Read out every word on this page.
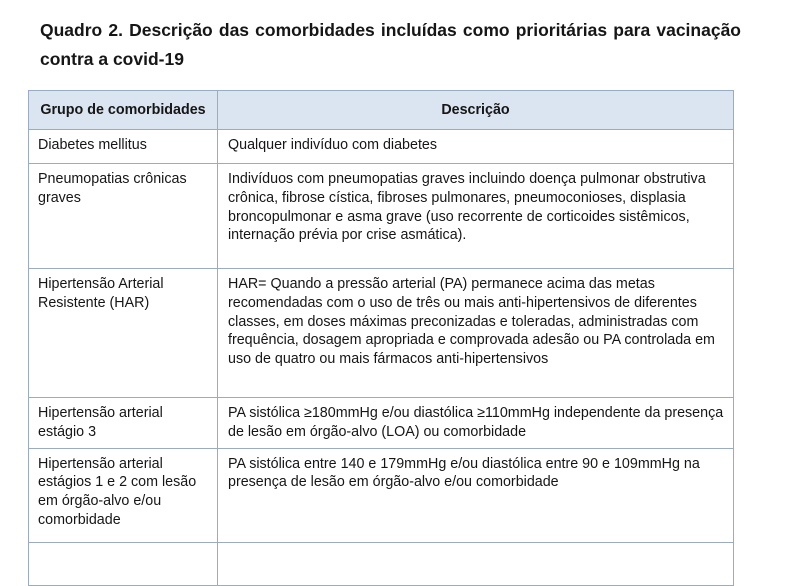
Quadro 2. Descrição das comorbidades incluídas como prioritárias para vacinação contra a covid-19

Grupo de comorbidades	Descrição
Diabetes mellitus	Qualquer indivíduo com diabetes
Pneumopatias crônicas graves	Indivíduos com pneumopatias graves incluindo doença pulmonar obstrutiva crônica, fibrose cística, fibroses pulmonares, pneumoconioses, displasia broncopulmonar e asma grave (uso recorrente de corticoides sistêmicos, internação prévia por crise asmática).
Hipertensão Arterial Resistente (HAR)	HAR= Quando a pressão arterial (PA) permanece acima das metas recomendadas com o uso de três ou mais anti-hipertensivos de diferentes classes, em doses máximas preconizadas e toleradas, administradas com frequência, dosagem apropriada e comprovada adesão ou PA controlada em uso de quatro ou mais fármacos anti-hipertensivos
Hipertensão arterial estágio 3	PA sistólica ≥180mmHg e/ou diastólica ≥110mmHg independente da presença de lesão em órgão-alvo (LOA) ou comorbidade
Hipertensão arterial estágios 1 e 2 com lesão em órgão-alvo e/ou comorbidade	PA sistólica entre 140 e 179mmHg e/ou diastólica entre 90 e 109mmHg na presença de lesão em órgão-alvo e/ou comorbidade
